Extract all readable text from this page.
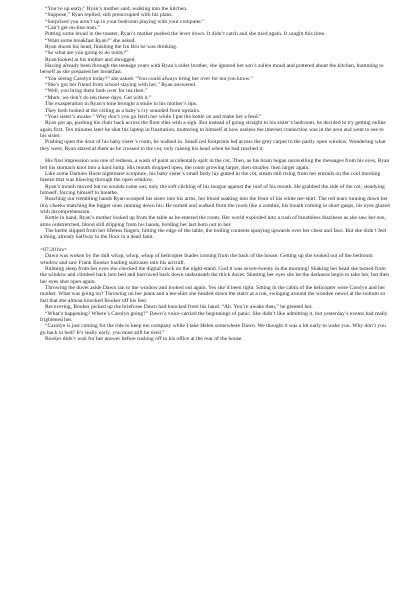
“You’re up early,” Ryan’s mother said, walking into the kitchen.

“Suppose,” Ryan replied, still preoccupied with his plans.

“Surprised you aren’t up in your bedroom playing with your computer.”

“Can’t get on-line man.”

Putting some bread in the toaster, Ryan’s mother pushed the lever down. It didn’t catch and she tried again. It caught this time.

“Want some breakfast Ryan?” she asked.

Ryan shook his head, finishing the Irn Bru he was drinking.

“So what are you going to do today?”

Ryan looked at his mother and shrugged.

Having already been through the teenage years with Ryan’s older brother, she ignored her son’s sullen mood and pottered about the kitchen, humming to herself as she prepared her breakfast.

“You seeing Carolyn today?” she asked. “You could always bring her over for tea you know.”

“She’s got her friend from school staying with her,” Ryan answered.

“Well, you bring them both over for tea then.”

“Mum, we don’t do ten these days. Get with it.”

The exasperation in Ryan’s tone brought a smile to his mother’s lips.

They both looked at the ceiling as a baby’s cry sounded from upstairs.

“Your sister’s awake.” Why don’t you go fetch her while I put the kettle on and make her a feed.”

Ryan got up, pushing his chair back across the floor tiles with a sigh. But instead of going straight to his sister’s bedroom, he decided to try getting online again first. Ten minutes later he shut his laptop in frustration, muttering to himself at how useless the internet connection was in the area and went to see to his sister.

Pushing open the door of his baby sister’s room, he walked in. Small red footprints led across the grey carpet to the partly open window. Wondering what they were, Ryan stared at them as he crossed to the cot, only raising his head when he had reached it.

His first impression was one of redness, a wash of paint accidentally spilt in the cot. Then, as his brain began unravelling the messages from his eyes, Ryan felt his stomach knot into a hard lump. His mouth dropped open, the room growing larger, then smaller, then larger again.

Like some Damien Hurst nightmare sculpture, his baby sister’s small body lay gutted in the cot, steam still rising from her entrails on the cool morning breeze that was blowing through the open window.

Ryan’s mouth moved but no sounds came out, only the soft clicking of his tongue against the roof of his mouth. He grabbed the side of the cot, steadying himself, forcing himself to breathe.

Reaching our trembling hands Ryan scooped his sister into his arms, her blood soaking into the front of his white tee-shirt. The red tears running down her tiny cheeks matching the bigger ones running down his. He turned and walked from the room like a zombie, his breath coming in short gasps, his eyes glazed with incomprehension.

Kettle in hand, Ryan’s mother looked up from the table as he entered the room. Her world exploded into a rush of breathless dizziness as she saw her son, arms outstretched, blood still dripping from his hands, holding her last born out to her.

The kettle slipped from her lifeless fingers, hitting the edge of the table, the boiling contents spraying upwards over her chest and face. But she didn’t feel a thing, already halfway to the floor in a dead faint.

=07:20 hrs=

Dawn was woken by the dull whop, whop, whop of helicopter blades coming from the back of the house. Getting up she looked out of the bedroom window and saw Frank Booker loading suitcases into his aircraft.

Rubbing sleep from her eyes she checked the digital clock on the night-stand. God it was seven-twenty in the morning! Shaking her head she turned from the window and climbed back into bed and burrowed back down underneath the thick duvet. Shutting her eyes she let the darkness begin to take her, but then her eyes shot open again.

Throwing the duvet aside Dawn ran to the window and looked out again. Yes she’d been right. Sitting in the cabin of the helicopter were Carolyn and her mother. What was going on? Throwing on her jeans and a tee-shirt she headed down the stairs at a run, swinging around the wooden newel at the bottom so fast that she almost knocked Booker off his feet.

Recovering, Booker picked up the briefcase Dawn had knocked from his hand. “Ah. You’re awake then,” he greeted her.

“What’s happening? Where’s Carolyn going?” Dawn’s voice carried the beginnings of panic. She didn’t like admitting it, but yesterday’s events had really frightened her.

“Carolyn is just coming for the ride to keep me company while I take Helen somewhere Dawn. We thought it was a bit early to wake you. Why don’t you go back to bed? It’s really early, you must still be tired.”

Booker didn’t wait for her answer before rushing off to his office at the rear of the house.
